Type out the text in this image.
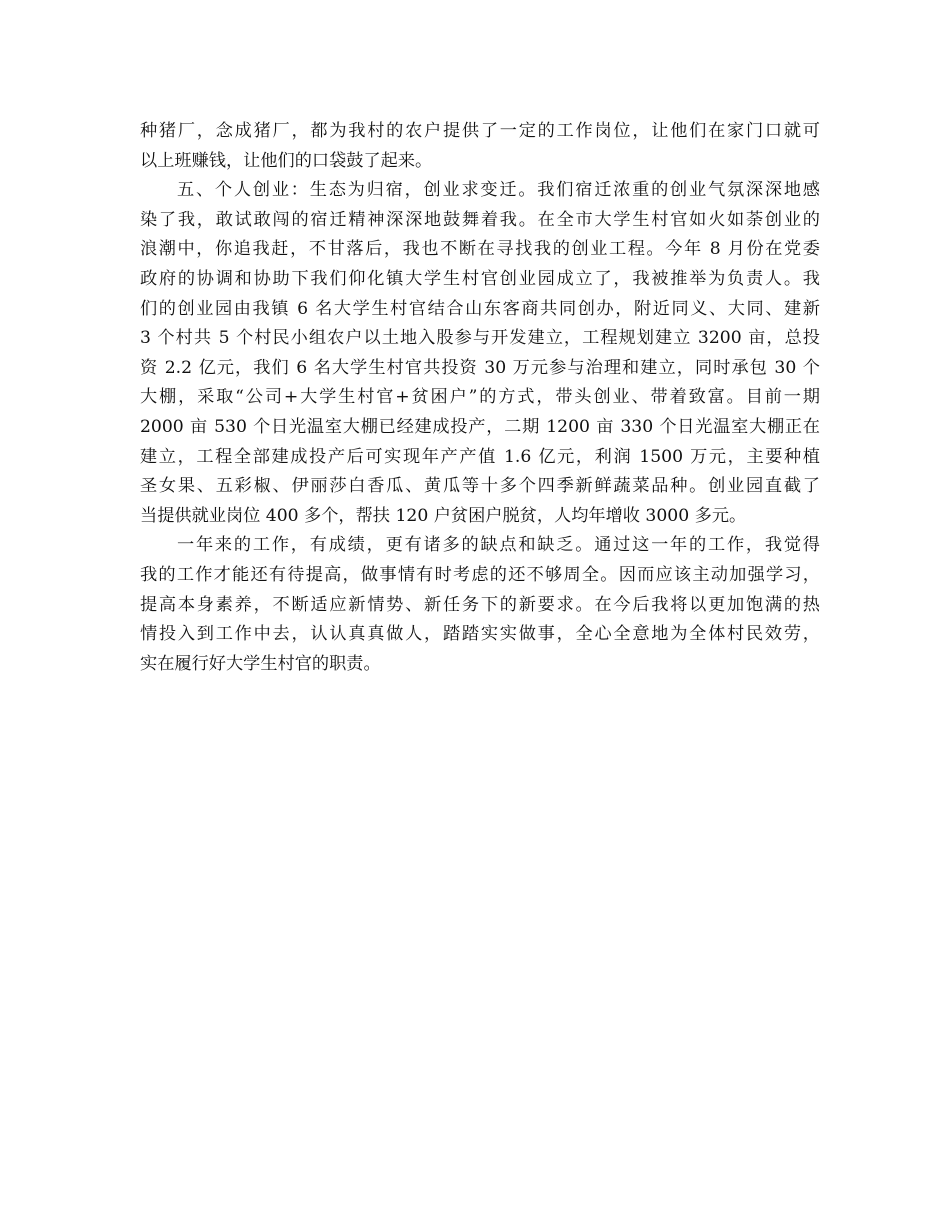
种猪厂，念成猪厂，都为我村的农户提供了一定的工作岗位，让他们在家门口就可
以上班赚钱，让他们的口袋鼓了起来。
五、个人创业：生态为归宿，创业求变迁。我们宿迁浓重的创业气氛深深地感
染了我，敢试敢闯的宿迁精神深深地鼓舞着我。在全市大学生村官如火如荼创业的
浪潮中，你追我赶，不甘落后，我也不断在寻找我的创业工程。今年 8 月份在党委
政府的协调和协助下我们仰化镇大学生村官创业园成立了，我被推举为负责人。我
们的创业园由我镇 6 名大学生村官结合山东客商共同创办，附近同义、大同、建新
3 个村共 5 个村民小组农户以土地入股参与开发建立，工程规划建立 3200 亩，总投
资 2.2 亿元，我们 6 名大学生村官共投资 30 万元参与治理和建立，同时承包 30 个
大棚，采取“公司+大学生村官+贫困户”的方式，带头创业、带着致富。目前一期
2000 亩 530 个日光温室大棚已经建成投产，二期 1200 亩 330 个日光温室大棚正在
建立，工程全部建成投产后可实现年产产值 1.6 亿元，利润 1500 万元，主要种植
圣女果、五彩椒、伊丽莎白香瓜、黄瓜等十多个四季新鲜蔬菜品种。创业园直截了
当提供就业岗位 400 多个，帮扶 120 户贫困户脱贫，人均年增收 3000 多元。
一年来的工作，有成绩，更有诸多的缺点和缺乏。通过这一年的工作，我觉得
我的工作才能还有待提高，做事情有时考虑的还不够周全。因而应该主动加强学习，
提高本身素养，不断适应新情势、新任务下的新要求。在今后我将以更加饱满的热
情投入到工作中去，认认真真做人，踏踏实实做事，全心全意地为全体村民效劳，
实在履行好大学生村官的职责。
